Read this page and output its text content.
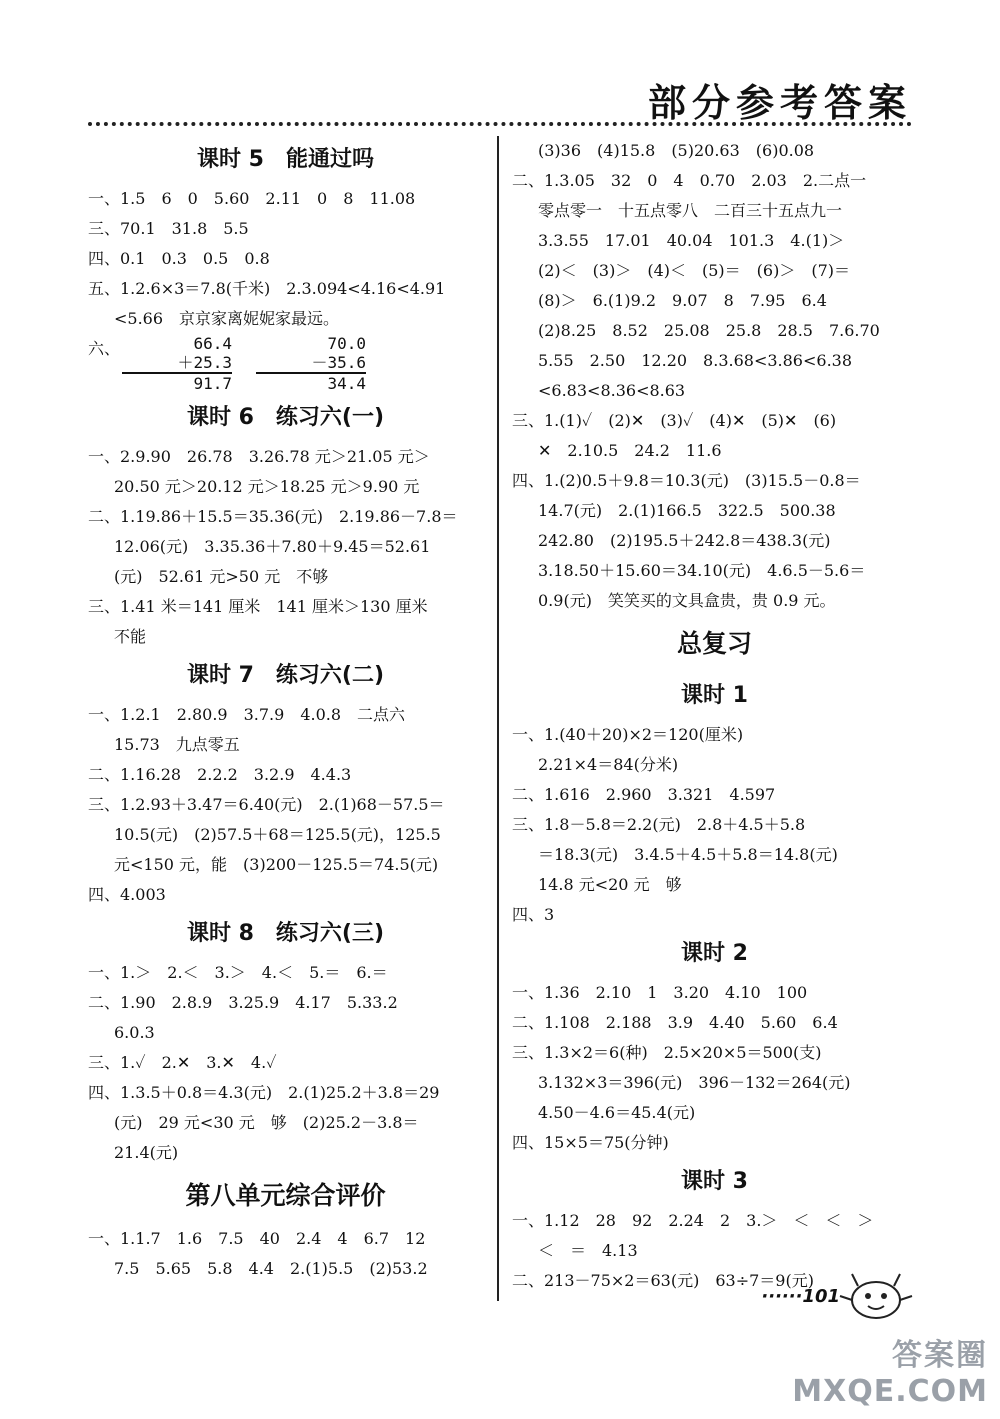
部分参考答案
课时 5　能通过吗
一、1.5　6　0　5.60　2.11　0　8　11.08
三、70.1　31.8　5.5
四、0.1　0.3　0.5　0.8
五、1.2.6×3＝7.8(千米)　2.3.094<4.16<4.91
<5.66　京京家离妮妮家最远。
六、	66.4
＋25.3
91.7
70.0
－35.6
34.4
课时 6　练习六(一)
一、2.9.90　26.78　3.26.78 元＞21.05 元＞
20.50 元＞20.12 元＞18.25 元＞9.90 元
二、1.19.86＋15.5＝35.36(元)　2.19.86－7.8＝
12.06(元)　3.35.36＋7.80＋9.45＝52.61
(元)　52.61 元>50 元　不够
三、1.41 米＝141 厘米　141 厘米＞130 厘米
不能
课时 7　练习六(二)
一、1.2.1　2.80.9　3.7.9　4.0.8　二点六
15.73　九点零五
二、1.16.28　2.2.2　3.2.9　4.4.3
三、1.2.93＋3.47＝6.40(元)　2.(1)68－57.5＝
10.5(元)　(2)57.5＋68＝125.5(元)，125.5
元<150 元，能　(3)200－125.5＝74.5(元)
四、4.003
课时 8　练习六(三)
一、1.＞　2.＜　3.＞　4.＜　5.＝　6.＝
二、1.90　2.8.9　3.25.9　4.17　5.33.2
6.0.3
三、1.✓　2.✕　3.✕　4.✓
四、1.3.5＋0.8＝4.3(元)　2.(1)25.2＋3.8＝29
(元)　29 元<30 元　够　(2)25.2－3.8＝
21.4(元)
第八单元综合评价
一、1.1.7　1.6　7.5　40　2.4　4　6.7　12
7.5　5.65　5.8　4.4　2.(1)5.5　(2)53.2
(3)36　(4)15.8　(5)20.63　(6)0.08
二、1.3.05　32　0　4　0.70　2.03　2.二点一
零点零一　十五点零八　二百三十五点九一
3.3.55　17.01　40.04　101.3　4.(1)＞
(2)＜　(3)＞　(4)＜　(5)＝　(6)＞　(7)＝
(8)＞　6.(1)9.2　9.07　8　7.95　6.4
(2)8.25　8.52　25.08　25.8　28.5　7.6.70
5.55　2.50　12.20　8.3.68<3.86<6.38
<6.83<8.36<8.63
三、1.(1)✓　(2)✕　(3)✓　(4)✕　(5)✕　(6)
✕　2.10.5　24.2　11.6
四、1.(2)0.5＋9.8＝10.3(元)　(3)15.5－0.8＝
14.7(元)　2.(1)166.5　322.5　500.38
242.80　(2)195.5＋242.8＝438.3(元)
3.18.50＋15.60＝34.10(元)　4.6.5－5.6＝
0.9(元)　笑笑买的文具盒贵，贵 0.9 元。
总复习
课时 1
一、1.(40＋20)×2＝120(厘米)
2.21×4＝84(分米)
二、1.616　2.960　3.321　4.597
三、1.8－5.8＝2.2(元)　2.8＋4.5＋5.8
＝18.3(元)　3.4.5＋4.5＋5.8＝14.8(元)
14.8 元<20 元　够
四、3
课时 2
一、1.36　2.10　1　3.20　4.10　100
二、1.108　2.188　3.9　4.40　5.60　6.4
三、1.3×2＝6(种)　2.5×20×5＝500(支)
3.132×3＝396(元)　396－132＝264(元)
4.50－4.6＝45.4(元)
四、15×5＝75(分钟)
课时 3
一、1.12　28　92　2.24　2　3.＞　＜　＜　＞
＜　＝　4.13
二、213－75×2＝63(元)　63÷7＝9(元)
······101
答案圈
MXQE.COM
